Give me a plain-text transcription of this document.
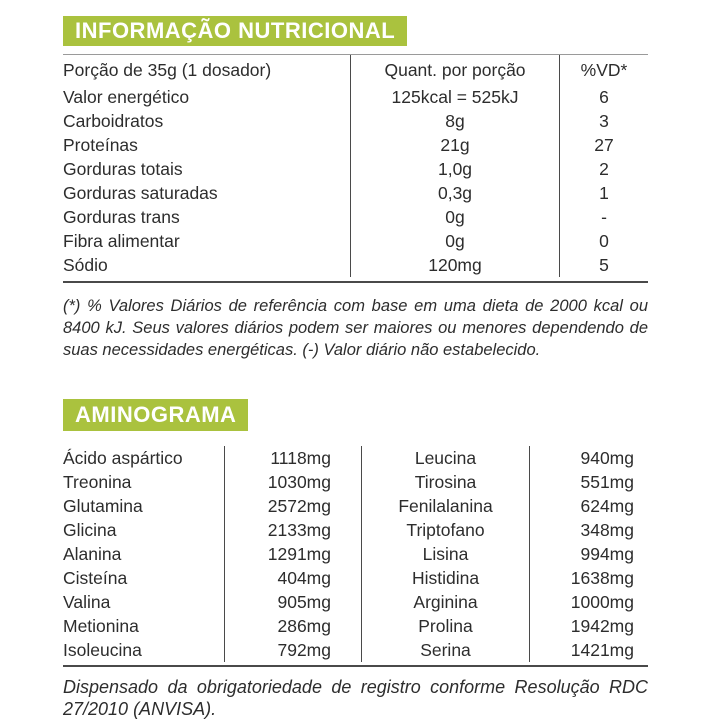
INFORMAÇÃO NUTRICIONAL
Porção de 35g (1 dosador)	Quant. por porção	%VD*
Valor energético	125kcal = 525kJ	6
Carboidratos	8g	3
Proteínas	21g	27
Gorduras totais	1,0g	2
Gorduras saturadas	0,3g	1
Gorduras trans	0g	-
Fibra alimentar	0g	0
Sódio	120mg	5

(*) % Valores Diários de referência com base em uma dieta de 2000 kcal ou 8400 kJ. Seus valores diários podem ser maiores ou menores dependendo de suas necessidades energéticas. (-) Valor diário não estabelecido.

AMINOGRAMA
Ácido aspártico	1118mg	Leucina	940mg
Treonina	1030mg	Tirosina	551mg
Glutamina	2572mg	Fenilalanina	624mg
Glicina	2133mg	Triptofano	348mg
Alanina	1291mg	Lisina	994mg
Cisteína	404mg	Histidina	1638mg
Valina	905mg	Arginina	1000mg
Metionina	286mg	Prolina	1942mg
Isoleucina	792mg	Serina	1421mg

Dispensado da obrigatoriedade de registro conforme Resolução RDC 27/2010 (ANVISA).
